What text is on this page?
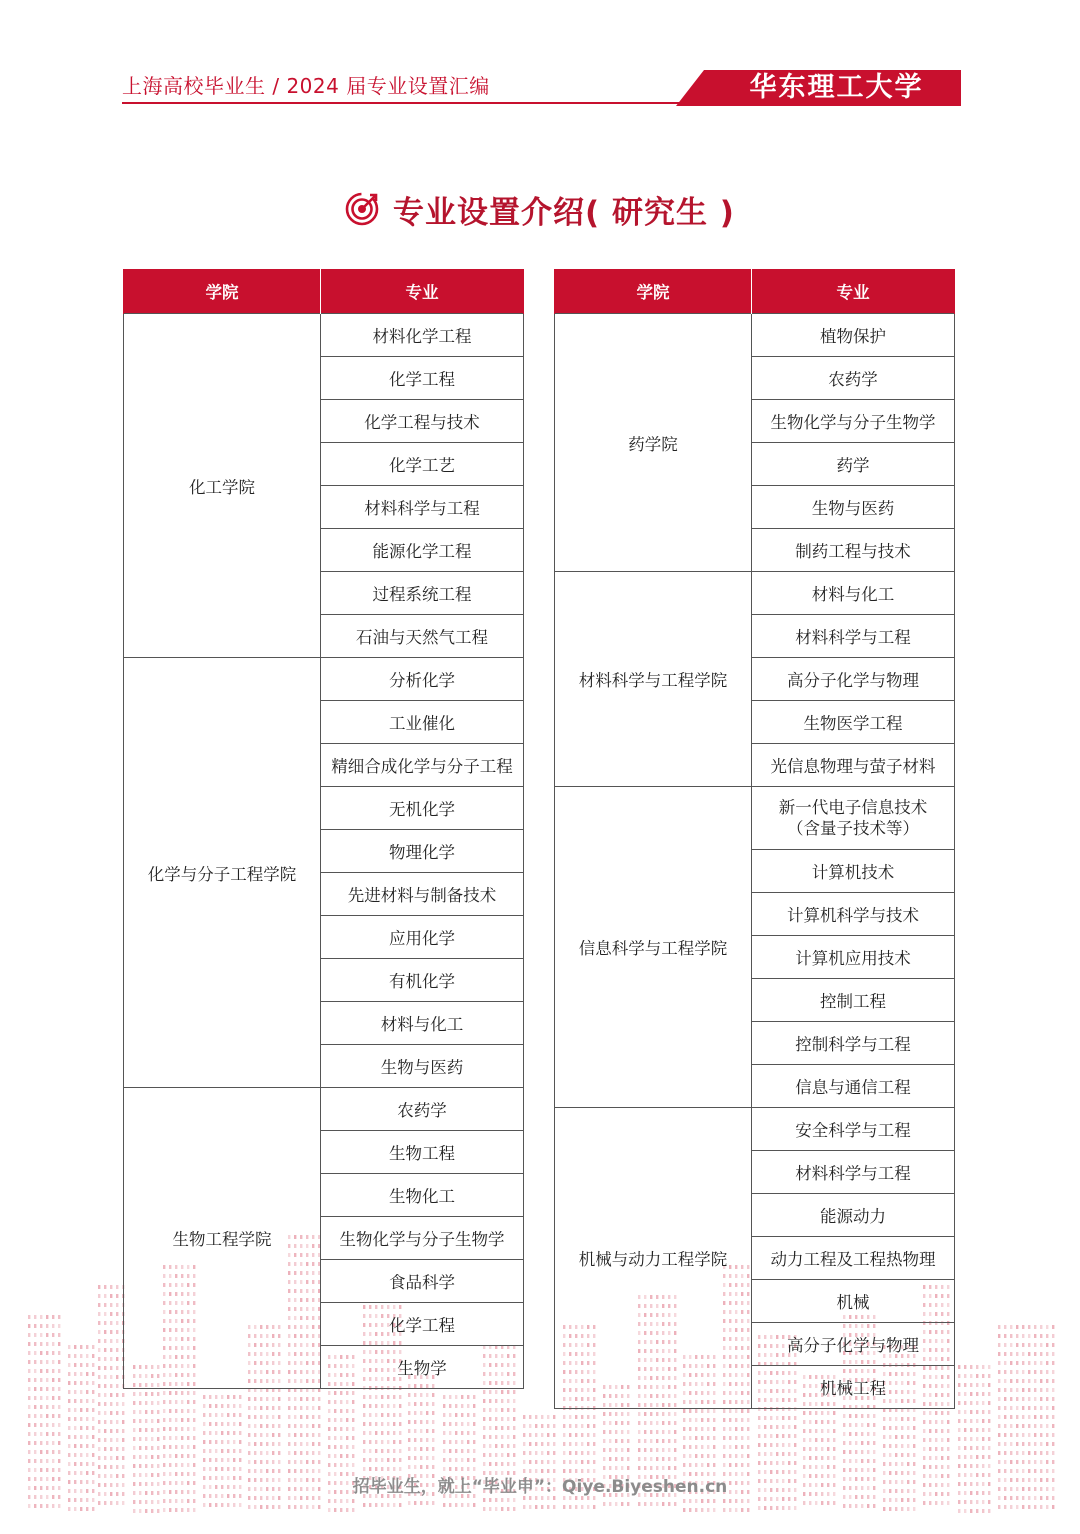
上海高校毕业生 / 2024 届专业设置汇编	华东理工大学
专业设置介绍( 研究生 )
学院	专业
化工学院	材料化学工程
	化学工程
	化学工程与技术
	化学工艺
	材料科学与工程
	能源化学工程
	过程系统工程
	石油与天然气工程
化学与分子工程学院	分析化学
	工业催化
	精细合成化学与分子工程
	无机化学
	物理化学
	先进材料与制备技术
	应用化学
	有机化学
	材料与化工
	生物与医药
生物工程学院	农药学
	生物工程
	生物化工
	生物化学与分子生物学
	食品科学
	化学工程
	生物学
学院	专业
药学院	植物保护
	农药学
	生物化学与分子生物学
	药学
	生物与医药
	制药工程与技术
材料科学与工程学院	材料与化工
	材料科学与工程
	高分子化学与物理
	生物医学工程
	光信息物理与萤子材料
信息科学与工程学院	新一代电子信息技术
（含量子技术等）
	计算机技术
	计算机科学与技术
	计算机应用技术
	控制工程
	控制科学与工程
	信息与通信工程
机械与动力工程学院	安全科学与工程
	材料科学与工程
	能源动力
	动力工程及工程热物理
	机械
	高分子化学与物理
	机械工程
招毕业生，就上“毕业申”：Qiye.Biyeshen.cn
